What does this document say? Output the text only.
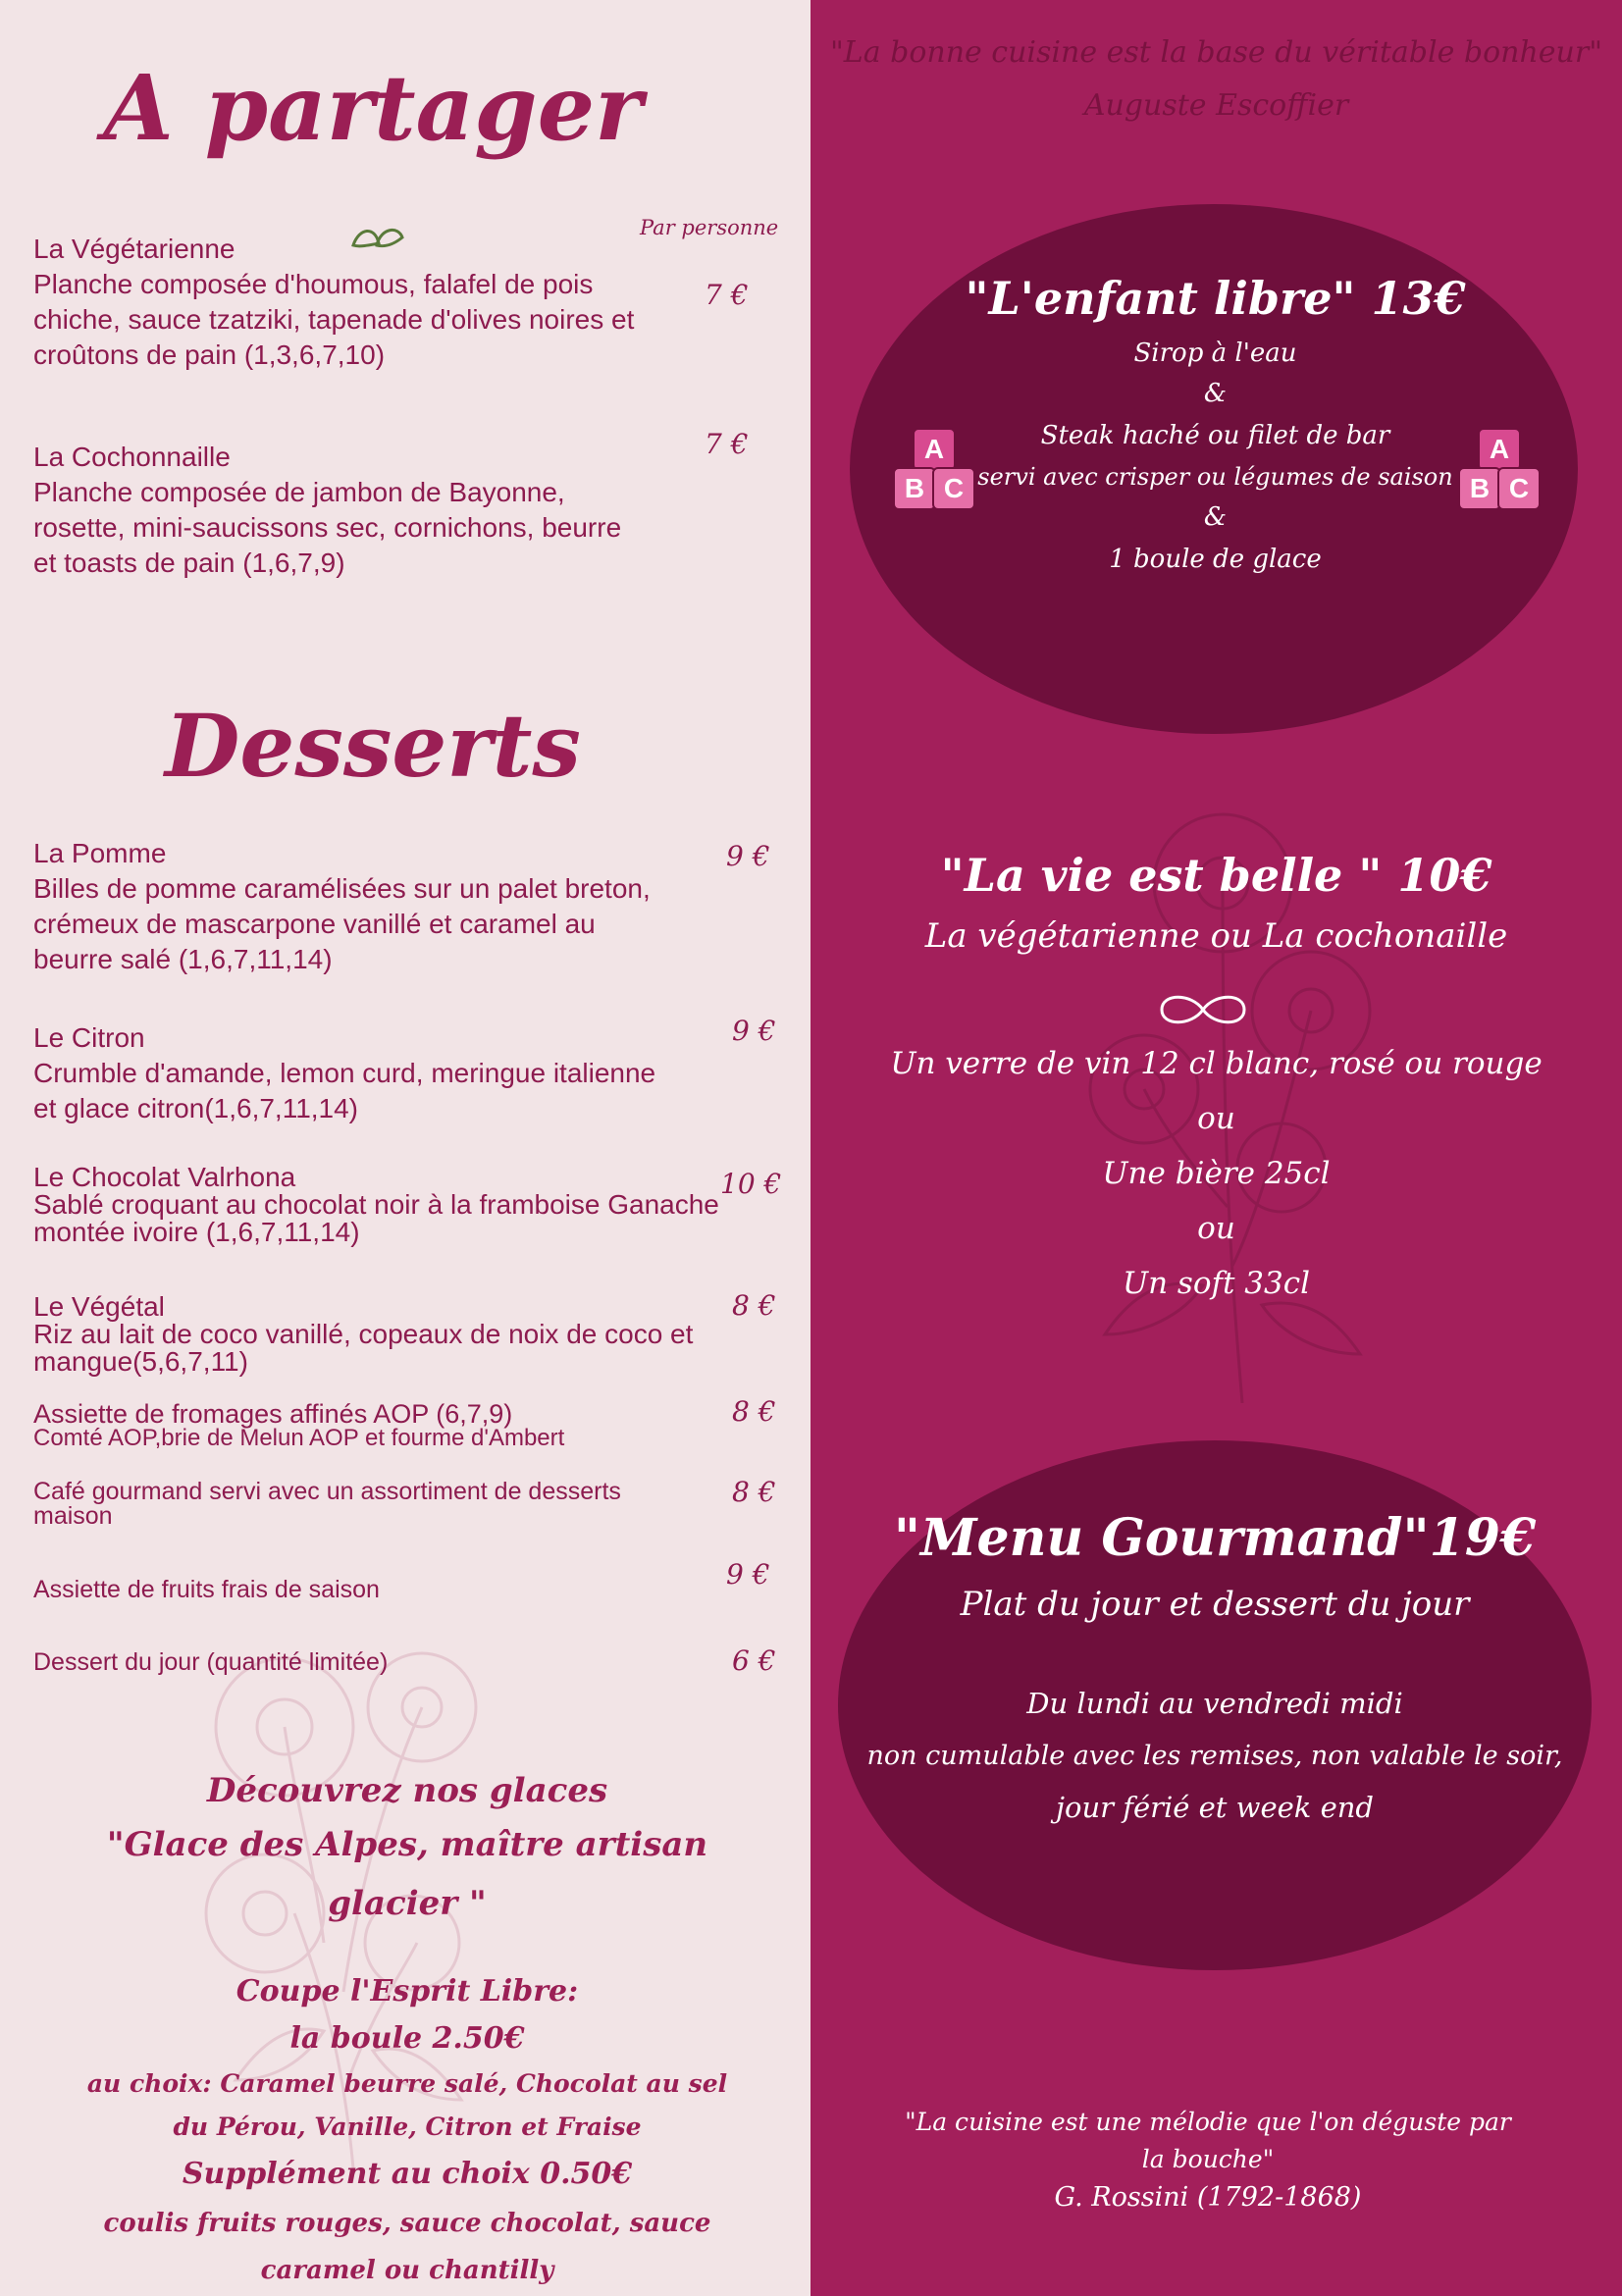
A partager
Par personne
La Végétarienne
Planche composée d'houmous, falafel de pois chiche, sauce tzatziki, tapenade d'olives noires et croûtons de pain (1,3,6,7,10)
7 €
La Cochonnaille
Planche composée de jambon de Bayonne, rosette, mini-saucissons sec, cornichons, beurre et toasts de pain (1,6,7,9)
7 €
Desserts
La Pomme
Billes de pomme caramélisées sur un palet breton, crémeux de mascarpone vanillé et caramel au beurre salé (1,6,7,11,14)
9 €
Le Citron
Crumble d'amande, lemon curd, meringue italienne et glace citron(1,6,7,11,14)
9 €
Le Chocolat Valrhona
Sablé croquant au chocolat noir à la framboise Ganache montée ivoire (1,6,7,11,14)
10 €
Le Végétal
Riz au lait de coco vanillé, copeaux de noix de coco et mangue(5,6,7,11)
8 €
Assiette de fromages affinés AOP (6,7,9)
Comté AOP,brie de Melun AOP et fourme d'Ambert
8 €
Café gourmand servi avec un assortiment de desserts maison
8 €
Assiette de fruits frais de saison	9 €
Dessert du jour (quantité limitée)	6 €
Découvrez nos glaces
"Glace des Alpes, maître artisan glacier "
Coupe l'Esprit Libre:
la boule 2.50€
au choix: Caramel beurre salé, Chocolat au sel du Pérou, Vanille, Citron et Fraise
Supplément au choix 0.50€
coulis fruits rouges, sauce chocolat, sauce caramel ou chantilly
"La bonne cuisine est la base du véritable bonheur"
Auguste Escoffier
"L'enfant libre" 13€
Sirop à l'eau
&
Steak haché ou filet de bar
servi avec crisper ou légumes de saison
&
1 boule de glace
A
B C
A
B C
"La vie est belle " 10€
La végétarienne ou La cochonaille
Un verre de vin 12 cl blanc, rosé ou rouge
ou
Une bière 25cl
ou
Un soft 33cl
"Menu Gourmand"19€
Plat du jour et dessert du jour
Du lundi au vendredi midi
non cumulable avec les remises, non valable le soir,
jour férié et week end
"La cuisine est une mélodie que l'on déguste par
la bouche"
G. Rossini (1792-1868)
